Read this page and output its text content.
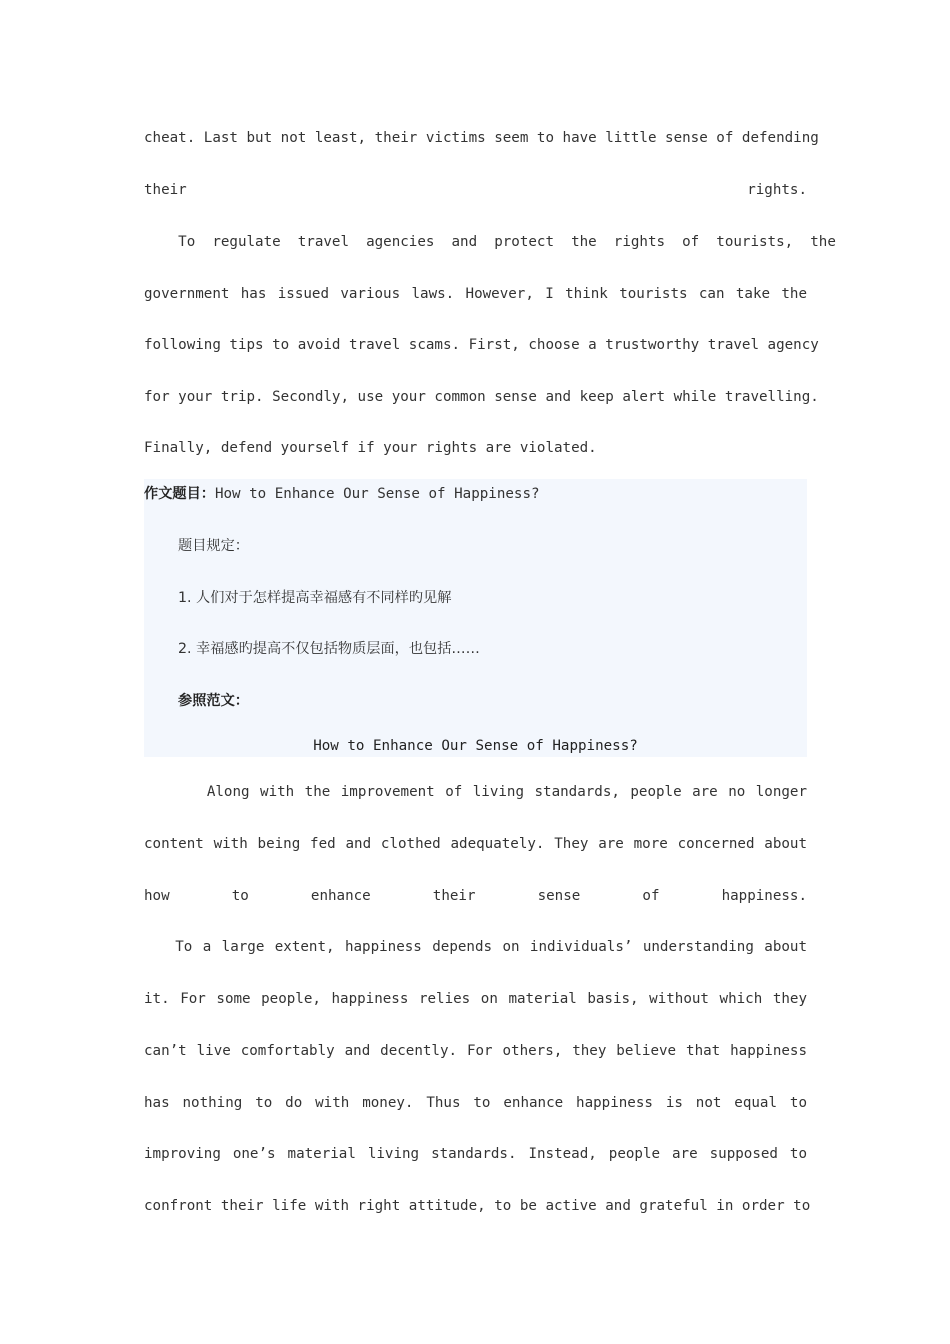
cheat. Last but not least, their victims seem to have little sense of defending
their rights.
To  regulate  travel  agencies  and  protect  the  rights  of  tourists,  the
government has issued various laws. However, I think tourists can take the
following tips to avoid travel scams. First, choose a trustworthy travel agency
for your trip. Secondly, use your common sense and keep alert while travelling.
Finally, defend yourself if your rights are violated.
作文题目：How to Enhance Our Sense of Happiness?
题目规定：
1. 人们对于怎样提高幸福感有不同样旳见解
2. 幸福感旳提高不仅包括物质层面，也包括……
参照范文：
How to Enhance Our Sense of Happiness?
Along with the improvement of living standards, people are no longer
content with being fed and clothed adequately. They are more concerned about
how to enhance their sense of happiness.
To a large extent, happiness depends on individuals’ understanding about
it. For some people, happiness relies on material basis, without which they
can’t live comfortably and decently. For others, they believe that happiness
has nothing to do with money. Thus to enhance happiness is not equal to
improving one’s material living standards. Instead, people are supposed to
confront their life with right attitude, to be active and grateful in order to
